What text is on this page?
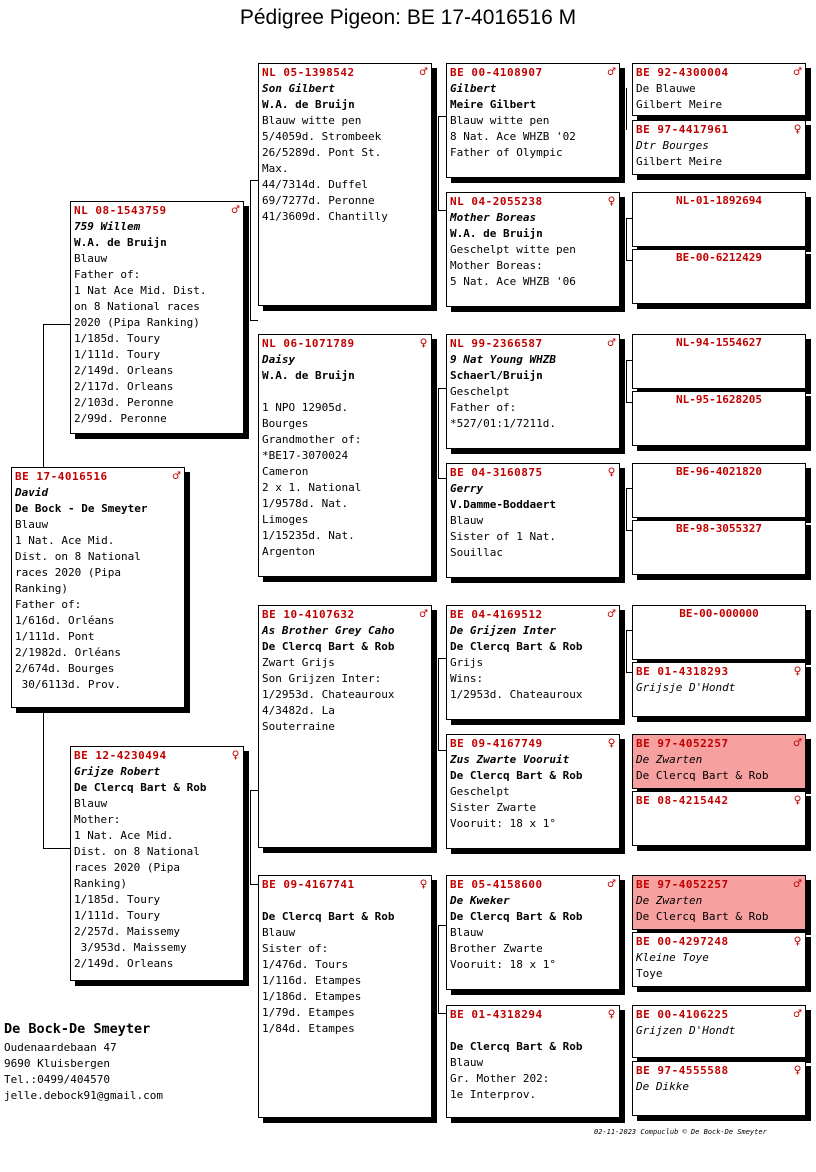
Pédigree Pigeon: BE 17-4016516 M
BE 17-4016516	♂
David
De Bock - De Smeyter
Blauw
1 Nat. Ace Mid.
Dist. on 8 National
races 2020 (Pipa
Ranking)
Father of:
1/616d. Orléans
1/111d. Pont
2/1982d. Orléans
2/674d. Bourges
30/6113d. Prov.
NL 08-1543759	♂
759 Willem
W.A. de Bruijn
Blauw
Father of:
1 Nat Ace Mid. Dist.
on 8 National races
2020 (Pipa Ranking)
1/185d. Toury
1/111d. Toury
2/149d. Orleans
2/117d. Orleans
2/103d. Peronne
2/99d. Peronne
BE 12-4230494	♀
Grijze Robert
De Clercq Bart & Rob
Blauw
Mother:
1 Nat. Ace Mid.
Dist. on 8 National
races 2020 (Pipa
Ranking)
1/185d. Toury
1/111d. Toury
2/257d. Maissemy
3/953d. Maissemy
2/149d. Orleans
NL 05-1398542	♂
Son Gilbert
W.A. de Bruijn
Blauw witte pen
5/4059d. Strombeek
26/5289d. Pont St.
Max.
44/7314d. Duffel
69/7277d. Peronne
41/3609d. Chantilly
NL 06-1071789	♀
Daisy
W.A. de Bruijn

1 NPO 12905d.
Bourges
Grandmother of:
*BE17-3070024
Cameron
2 x 1. National
1/9578d. Nat.
Limoges
1/15235d. Nat.
Argenton
BE 10-4107632	♂
As Brother Grey Caho
De Clercq Bart & Rob
Zwart Grijs
Son Grijzen Inter:
1/2953d. Chateauroux
4/3482d. La
Souterraine
BE 09-4167741	♀
De Clercq Bart & Rob
Blauw
Sister of:
1/476d. Tours
1/116d. Etampes
1/186d. Etampes
1/79d. Etampes
1/84d. Etampes
BE 00-4108907	♂
Gilbert
Meire Gilbert
Blauw witte pen
8 Nat. Ace WHZB '02
Father of Olympic
NL 04-2055238	♀
Mother Boreas
W.A. de Bruijn
Geschelpt witte pen
Mother Boreas:
5 Nat. Ace WHZB '06
NL 99-2366587	♂
9 Nat Young WHZB
Schaerl/Bruijn
Geschelpt
Father of:
*527/01:1/7211d.
BE 04-3160875	♀
Gerry
V.Damme-Boddaert
Blauw
Sister of 1 Nat.
Souillac
BE 04-4169512	♂
De Grijzen Inter
De Clercq Bart & Rob
Grijs
Wins:
1/2953d. Chateauroux
BE 09-4167749	♀
Zus Zwarte Vooruit
De Clercq Bart & Rob
Geschelpt
Sister Zwarte
Vooruit: 18 x 1°
BE 05-4158600	♂
De Kweker
De Clercq Bart & Rob
Blauw
Brother Zwarte
Vooruit: 18 x 1°
BE 01-4318294	♀
De Clercq Bart & Rob
Blauw
Gr. Mother 202:
1e Interprov.
BE 92-4300004	♂
De Blauwe
Gilbert Meire
BE 97-4417961	♀
Dtr Bourges
Gilbert Meire
NL-01-1892694
BE-00-6212429
NL-94-1554627
NL-95-1628205
BE-96-4021820
BE-98-3055327
BE-00-000000
BE 01-4318293	♀
Grijsje D'Hondt
BE 97-4052257	♂
De Zwarten
De Clercq Bart & Rob
BE 08-4215442	♀
BE 97-4052257	♂
De Zwarten
De Clercq Bart & Rob
BE 00-4297248	♀
Kleine Toye
Toye
BE 00-4106225	♂
Grijzen D'Hondt
BE 97-4555588	♀
De Dikke
De Bock-De Smeyter
Oudenaardebaan 47
9690 Kluisbergen
Tel.:0499/404570
jelle.debock91@gmail.com
02-11-2023 Compuclub © De Bock-De Smeyter
